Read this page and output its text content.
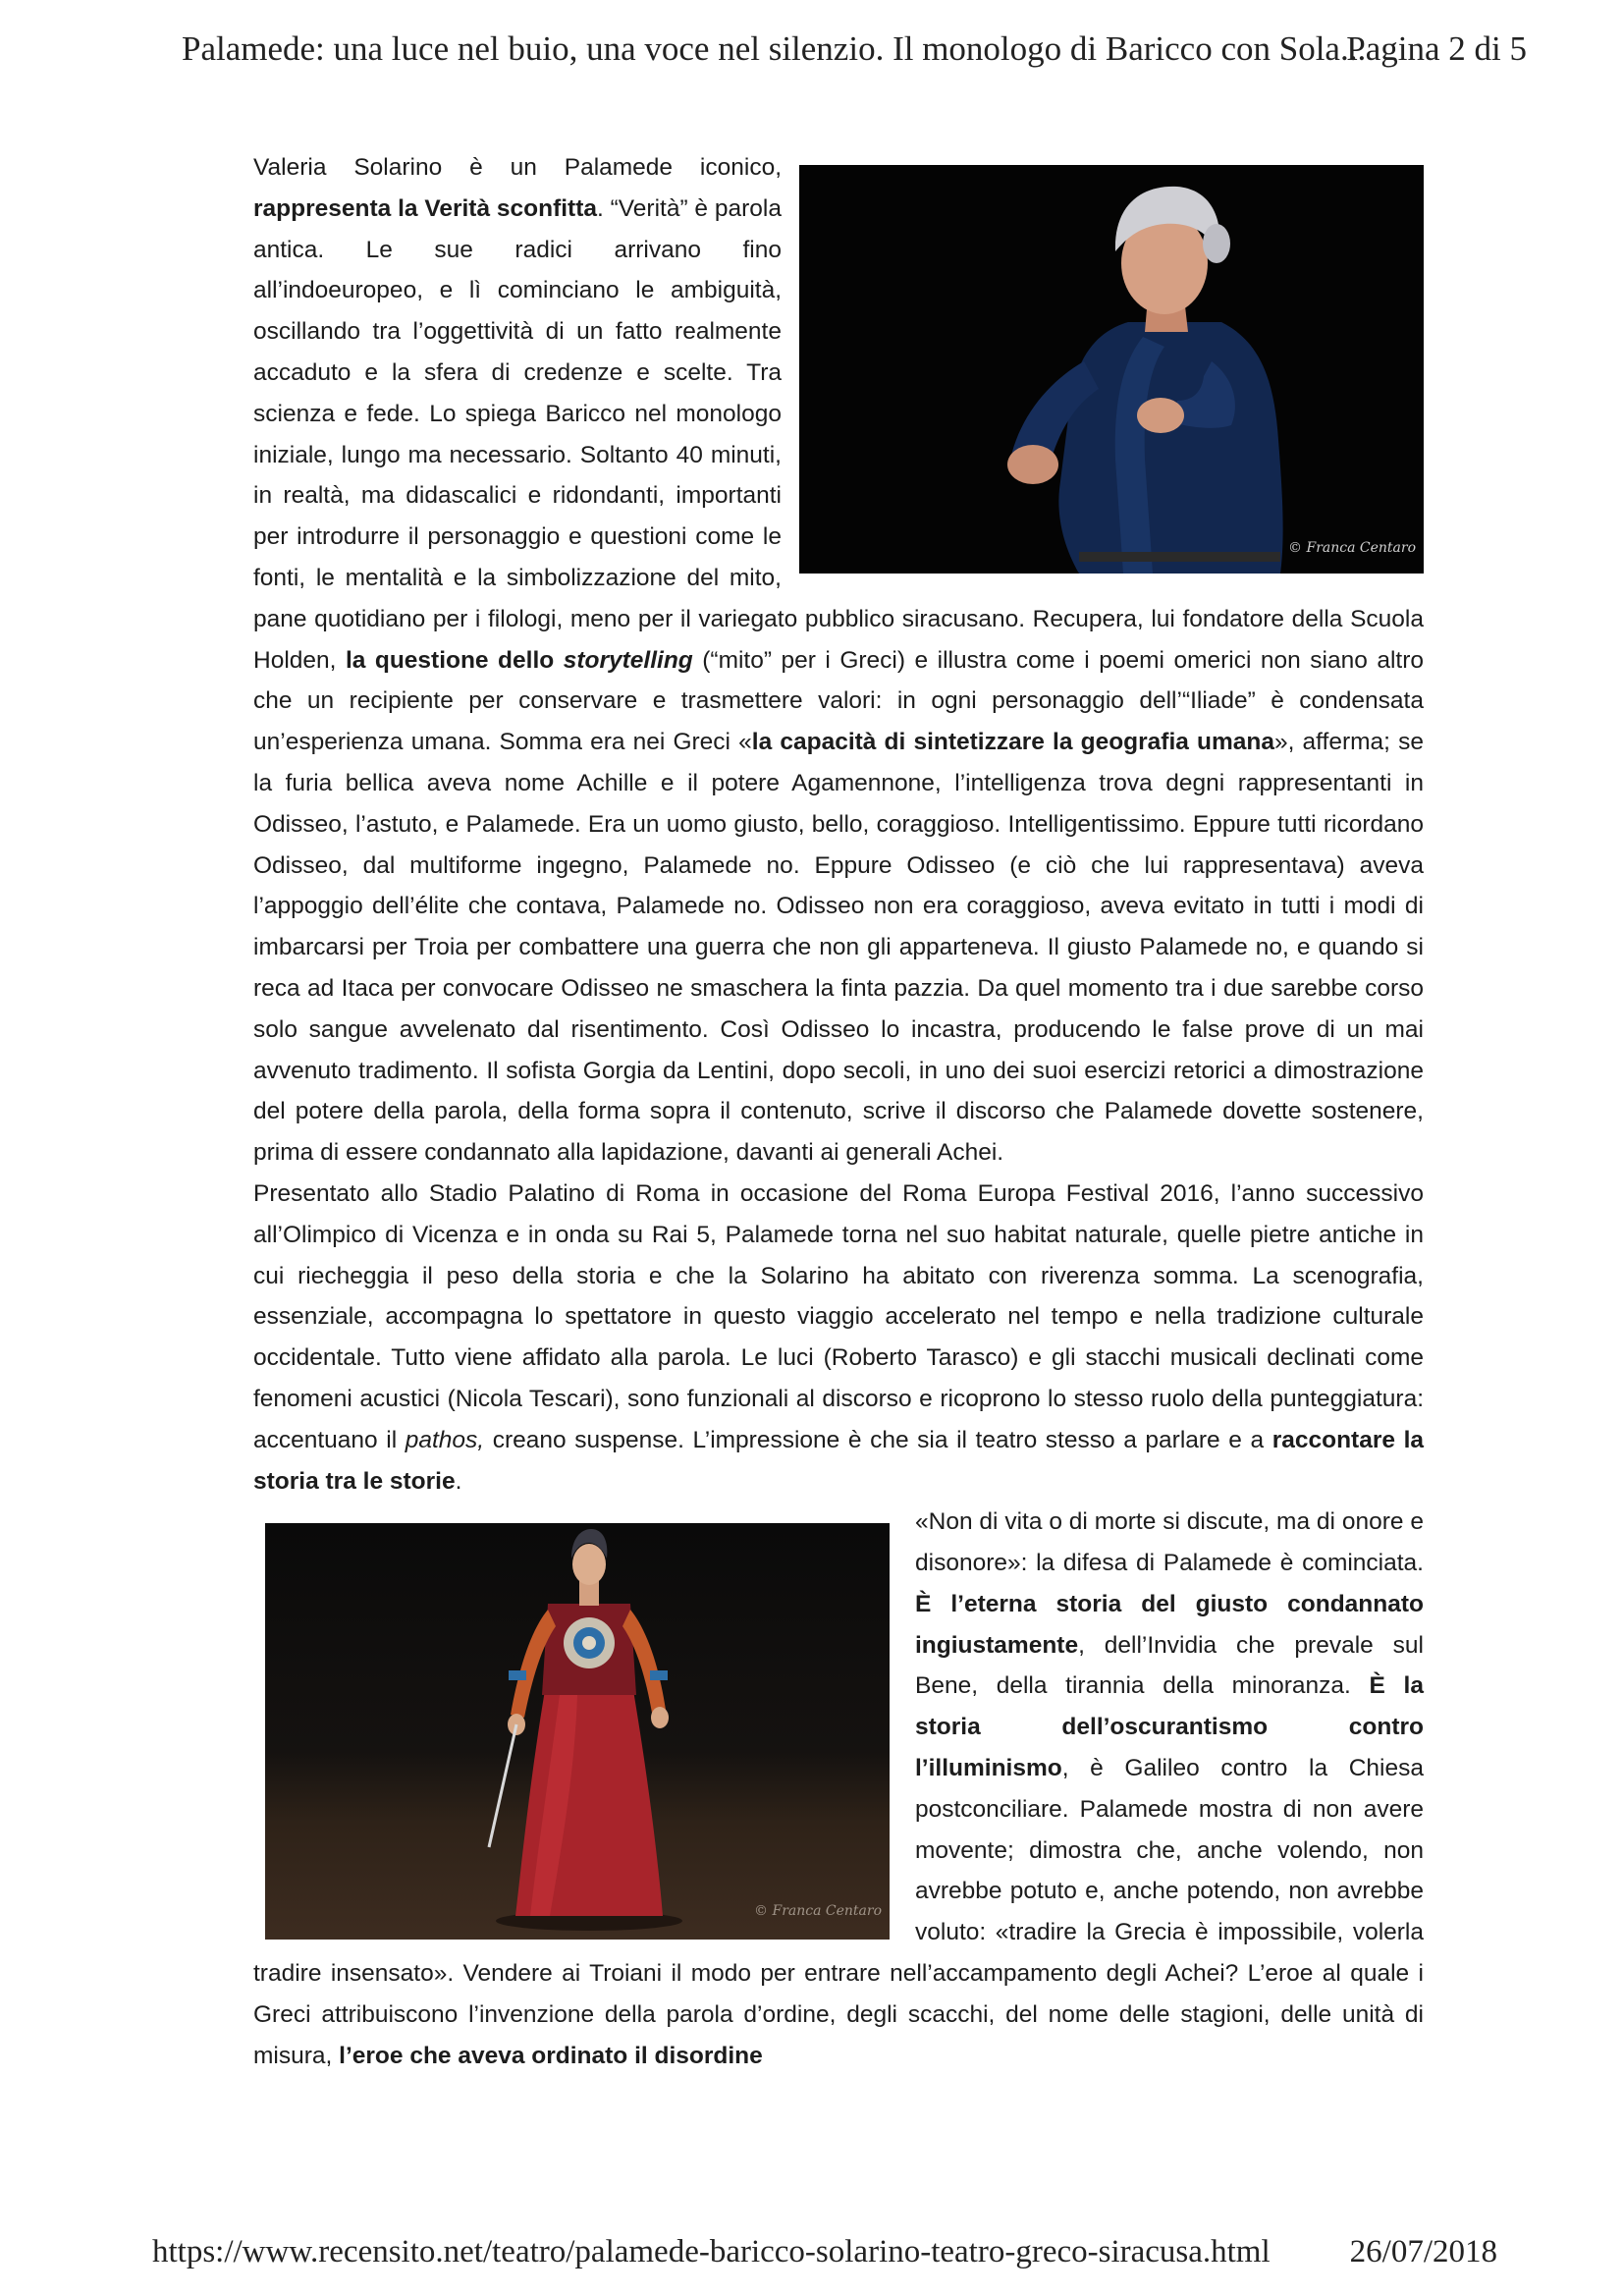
Palamede: una luce nel buio, una voce nel silenzio. Il monologo di Baricco con Sola...
Pagina 2 di 5

© Franca Centaro
Valeria Solarino è un Palamede iconico, rappresenta la Verità sconfitta. “Verità” è parola antica. Le sue radici arrivano fino all’indoeuropeo, e lì cominciano le ambiguità, oscillando tra l’oggettività di un fatto realmente accaduto e la sfera di credenze e scelte. Tra scienza e fede. Lo spiega Baricco nel monologo iniziale, lungo ma necessario. Soltanto 40 minuti, in realtà, ma didascalici e ridondanti, importanti per introdurre il personaggio e questioni come le fonti, le mentalità e la simbolizzazione del mito, pane quotidiano per i filologi, meno per il variegato pubblico siracusano. Recupera, lui fondatore della Scuola Holden, la questione dello storytelling (“mito” per i Greci) e illustra come i poemi omerici non siano altro che un recipiente per conservare e trasmettere valori: in ogni personaggio dell’“Iliade” è condensata un’esperienza umana. Somma era nei Greci «la capacità di sintetizzare la geografia umana», afferma; se la furia bellica aveva nome Achille e il potere Agamennone, l’intelligenza trova degni rappresentanti in Odisseo, l’astuto, e Palamede. Era un uomo giusto, bello, coraggioso. Intelligentissimo. Eppure tutti ricordano Odisseo, dal multiforme ingegno, Palamede no. Eppure Odisseo (e ciò che lui rappresentava) aveva l’appoggio dell’élite che contava, Palamede no. Odisseo non era coraggioso, aveva evitato in tutti i modi di imbarcarsi per Troia per combattere una guerra che non gli apparteneva. Il giusto Palamede no, e quando si reca ad Itaca per convocare Odisseo ne smaschera la finta pazzia. Da quel momento tra i due sarebbe corso solo sangue avvelenato dal risentimento. Così Odisseo lo incastra, producendo le false prove di un mai avvenuto tradimento. Il sofista Gorgia da Lentini, dopo secoli, in uno dei suoi esercizi retorici a dimostrazione del potere della parola, della forma sopra il contenuto, scrive il discorso che Palamede dovette sostenere, prima di essere condannato alla lapidazione, davanti ai generali Achei.

Presentato allo Stadio Palatino di Roma in occasione del Roma Europa Festival 2016, l’anno successivo all’Olimpico di Vicenza e in onda su Rai 5, Palamede torna nel suo habitat naturale, quelle pietre antiche in cui riecheggia il peso della storia e che la Solarino ha abitato con riverenza somma. La scenografia, essenziale, accompagna lo spettatore in questo viaggio accelerato nel tempo e nella tradizione culturale occidentale. Tutto viene affidato alla parola. Le luci (Roberto Tarasco) e gli stacchi musicali declinati come fenomeni acustici (Nicola Tescari), sono funzionali al discorso e ricoprono lo stesso ruolo della punteggiatura: accentuano il pathos, creano suspense. L’impressione è che sia il teatro stesso a parlare e a raccontare la storia tra le storie.

© Franca Centaro
«Non di vita o di morte si discute, ma di onore e disonore»: la difesa di Palamede è cominciata. È l’eterna storia del giusto condannato ingiustamente, dell’Invidia che prevale sul Bene, della tirannia della minoranza. È la storia dell’oscurantismo contro l’illuminismo, è Galileo contro la Chiesa postconciliare. Palamede mostra di non avere movente; dimostra che, anche volendo, non avrebbe potuto e, anche potendo, non avrebbe voluto: «tradire la Grecia è impossibile, volerla tradire insensato». Vendere ai Troiani il modo per entrare nell’accampamento degli Achei? L’eroe al quale i Greci attribuiscono l’invenzione della parola d’ordine, degli scacchi, del nome delle stagioni, delle unità di misura, l’eroe che aveva ordinato il disordine

https://www.recensito.net/teatro/palamede-baricco-solarino-teatro-greco-siracusa.html 26/07/2018
